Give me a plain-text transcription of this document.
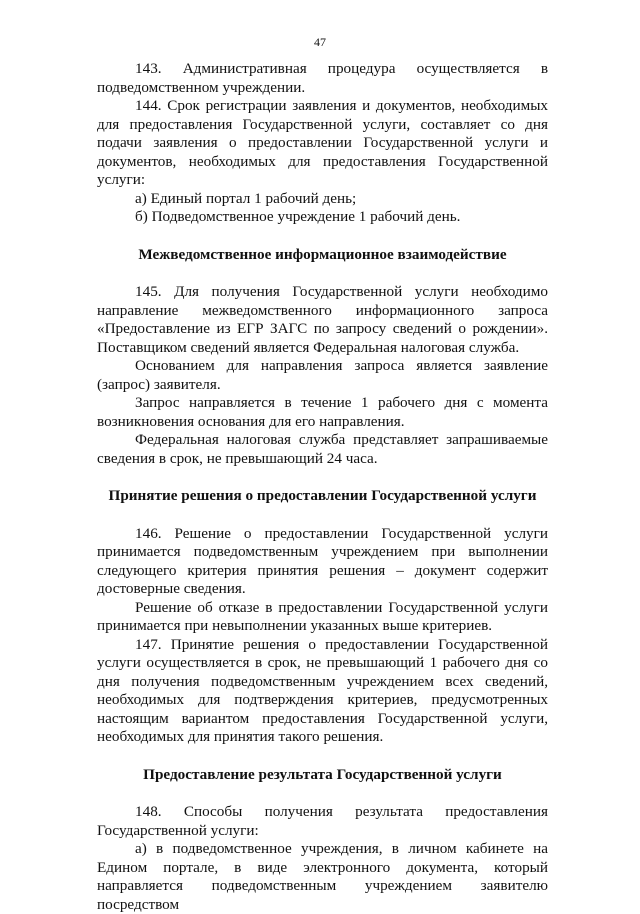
47

143. Административная процедура осуществляется в подведомственном учреждении.

144. Срок регистрации заявления и документов, необходимых для предоставления Государственной услуги, составляет со дня подачи заявления о предоставлении Государственной услуги и документов, необходимых для предоставления Государственной услуги:

а) Единый портал 1 рабочий день;

б) Подведомственное учреждение 1 рабочий день.

Межведомственное информационное взаимодействие

145. Для получения Государственной услуги необходимо направление межведомственного информационного запроса «Предоставление из ЕГР ЗАГС по запросу сведений о рождении». Поставщиком сведений является Федеральная налоговая служба.

Основанием для направления запроса является заявление (запрос) заявителя.

Запрос направляется в течение 1 рабочего дня с момента возникновения основания для его направления.

Федеральная налоговая служба представляет запрашиваемые сведения в срок, не превышающий 24 часа.

Принятие решения о предоставлении Государственной услуги

146. Решение о предоставлении Государственной услуги принимается подведомственным учреждением при выполнении следующего критерия принятия решения – документ содержит достоверные сведения.

Решение об отказе в предоставлении Государственной услуги принимается при невыполнении указанных выше критериев.

147. Принятие решения о предоставлении Государственной услуги осуществляется в срок, не превышающий 1 рабочего дня со дня получения подведомственным учреждением всех сведений, необходимых для подтверждения критериев, предусмотренных настоящим вариантом предоставления Государственной услуги, необходимых для принятия такого решения.

Предоставление результата Государственной услуги

148. Способы получения результата предоставления Государственной услуги:

а) в подведомственное учреждения, в личном кабинете на Едином портале, в виде электронного документа, который направляется подведомственным учреждением заявителю посредством
